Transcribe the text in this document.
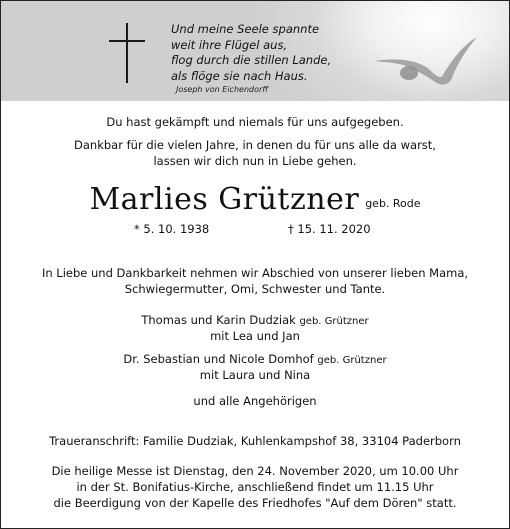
Und meine Seele spannte
weit ihre Flügel aus,
flog durch die stillen Lande,
als flöge sie nach Haus.
Joseph von Eichendorff
Du hast gekämpft und niemals für uns aufgegeben.
Dankbar für die vielen Jahre, in denen du für uns alle da warst,
lassen wir dich nun in Liebe gehen.
Marlies Grützner geb. Rode
* 5. 10. 1938	† 15. 11. 2020
In Liebe und Dankbarkeit nehmen wir Abschied von unserer lieben Mama,
Schwiegermutter, Omi, Schwester und Tante.
Thomas und Karin Dudziak geb. Grützner
mit Lea und Jan
Dr. Sebastian und Nicole Domhof geb. Grützner
mit Laura und Nina
und alle Angehörigen
Traueranschrift: Familie Dudziak, Kuhlenkampshof 38, 33104 Paderborn
Die heilige Messe ist Dienstag, den 24. November 2020, um 10.00 Uhr
in der St. Bonifatius-Kirche, anschließend findet um 11.15 Uhr
die Beerdigung von der Kapelle des Friedhofes "Auf dem Dören" statt.
